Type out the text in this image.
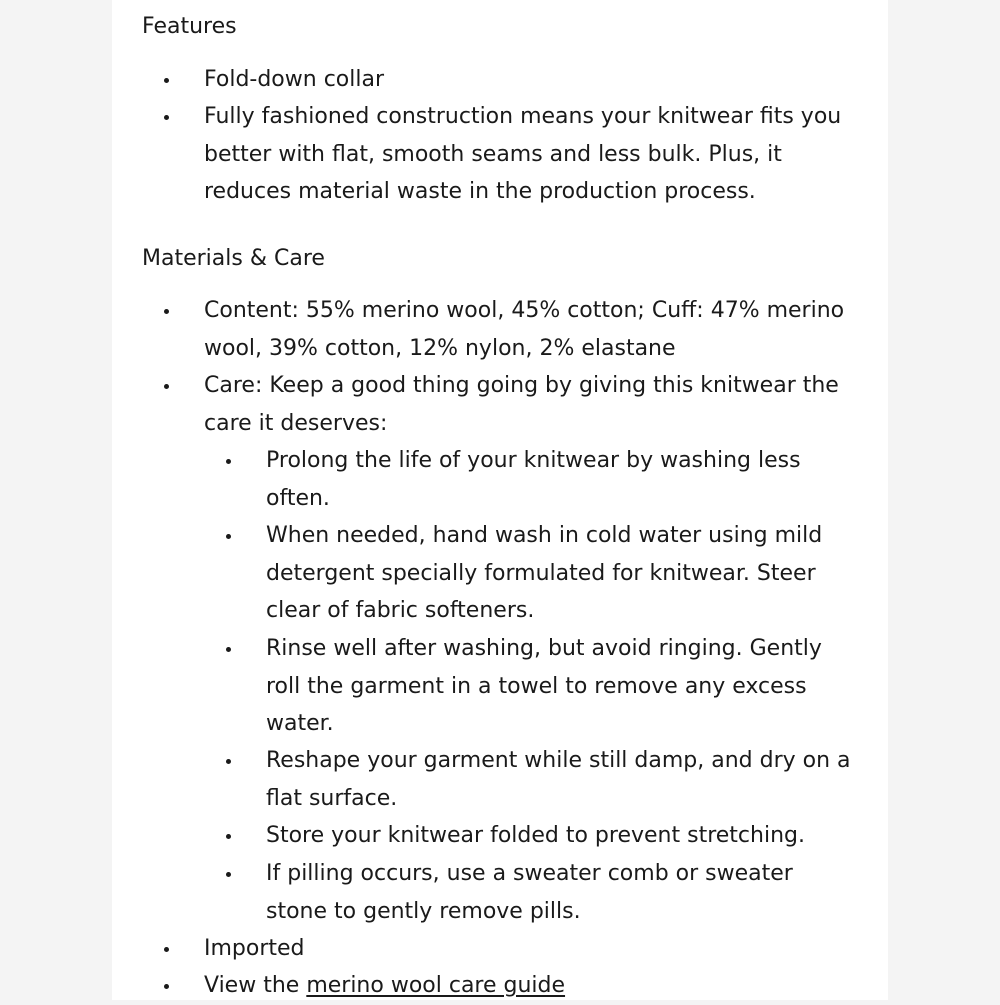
Features
Fold-down collar
Fully fashioned construction means your knitwear fits you
better with flat, smooth seams and less bulk. Plus, it
reduces material waste in the production process.
Materials & Care
Content: 55% merino wool, 45% cotton; Cuff: 47% merino
wool, 39% cotton, 12% nylon, 2% elastane
Care: Keep a good thing going by giving this knitwear the
care it deserves:
Prolong the life of your knitwear by washing less
often.
When needed, hand wash in cold water using mild
detergent specially formulated for knitwear. Steer
clear of fabric softeners.
Rinse well after washing, but avoid ringing. Gently
roll the garment in a towel to remove any excess
water.
Reshape your garment while still damp, and dry on a
flat surface.
Store your knitwear folded to prevent stretching.
If pilling occurs, use a sweater comb or sweater
stone to gently remove pills.
Imported
View the merino wool care guide
